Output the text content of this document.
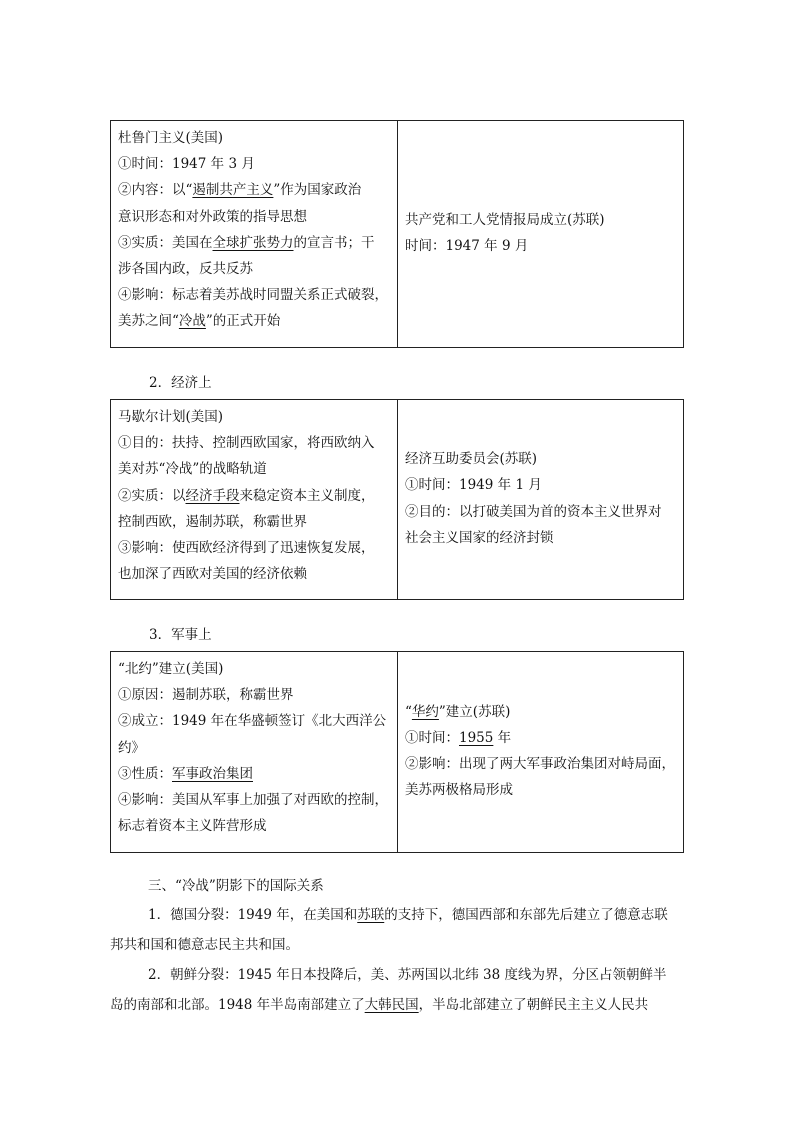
杜鲁门主义(美国)
①时间：1947 年 3 月
②内容：以“遏制共产主义”作为国家政治
意识形态和对外政策的指导思想
③实质：美国在全球扩张势力的宣言书；干
涉各国内政，反共反苏
④影响：标志着美苏战时同盟关系正式破裂，
美苏之间“冷战”的正式开始
共产党和工人党情报局成立(苏联)
时间：1947 年 9 月
2．经济上
马歇尔计划(美国)
①目的：扶持、控制西欧国家，将西欧纳入
美对苏“冷战”的战略轨道
②实质：以经济手段来稳定资本主义制度，
控制西欧，遏制苏联，称霸世界
③影响：使西欧经济得到了迅速恢复发展，
也加深了西欧对美国的经济依赖
经济互助委员会(苏联)
①时间：1949 年 1 月
②目的：以打破美国为首的资本主义世界对
社会主义国家的经济封锁
3．军事上
“北约”建立(美国)
①原因：遏制苏联，称霸世界
②成立：1949 年在华盛顿签订《北大西洋公
约》
③性质：军事政治集团
④影响：美国从军事上加强了对西欧的控制，
标志着资本主义阵营形成
“华约”建立(苏联)
①时间：1955 年
②影响：出现了两大军事政治集团对峙局面，
美苏两极格局形成
三、“冷战”阴影下的国际关系
1．德国分裂：1949 年，在美国和苏联的支持下，德国西部和东部先后建立了德意志联
邦共和国和德意志民主共和国。
2．朝鲜分裂：1945 年日本投降后，美、苏两国以北纬 38 度线为界，分区占领朝鲜半
岛的南部和北部。1948 年半岛南部建立了大韩民国，半岛北部建立了朝鲜民主主义人民共
